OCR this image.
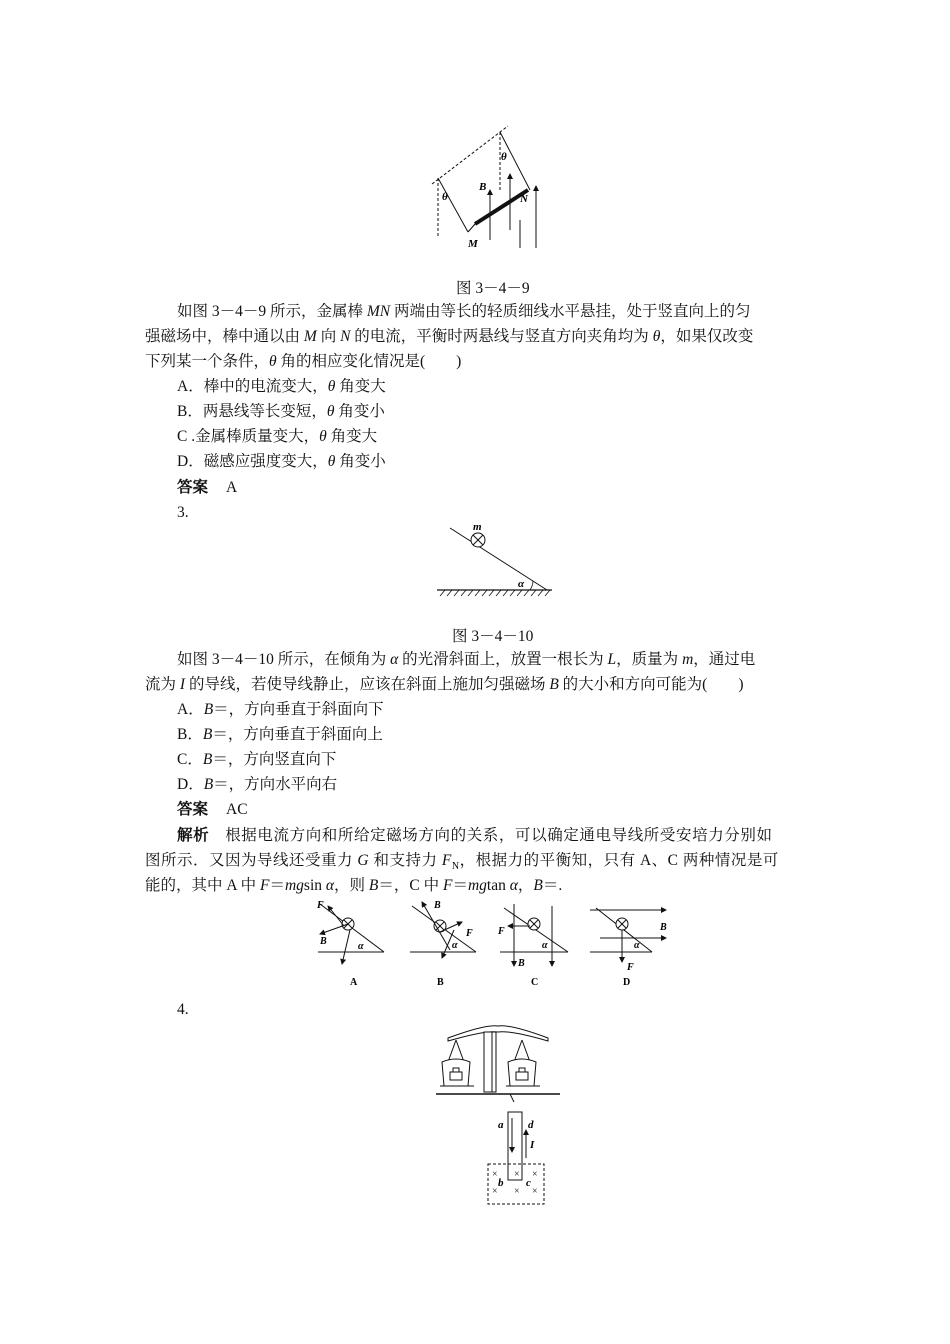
θ
θ
B
M
N
图 3－4－9
如图 3－4－9 所示，金属棒 MN 两端由等长的轻质细线水平悬挂，处于竖直向上的匀
强磁场中，棒中通以由 M 向 N 的电流，平衡时两悬线与竖直方向夹角均为 θ，如果仅改变
下列某一个条件，θ 角的相应变化情况是(　　)
A．棒中的电流变大，θ 角变大
B．两悬线等长变短，θ 角变小
C .金属棒质量变大，θ 角变大
D．磁感应强度变大，θ 角变小
答案 A
3.
m
α
图 3－4－10
如图 3－4－10 所示，在倾角为 α 的光滑斜面上，放置一根长为 L，质量为 m，通过电
流为 I 的导线，若使导线静止，应该在斜面上施加匀强磁场 B 的大小和方向可能为(　　)
A．B＝，方向垂直于斜面向下
B．B＝，方向垂直于斜面向上
C．B＝，方向竖直向下
D．B＝，方向水平向右
答案 AC
解析 根据电流方向和所给定磁场方向的关系，可以确定通电导线所受安培力分别如
图所示．又因为导线还受重力 G 和支持力 $F_N$，根据力的平衡知，只有 A、C 两种情况是可
能的，其中 A 中 F＝mgsin α，则 B＝，C 中 F＝mgtan α，B＝.
F
B	α
A
B
F
α
B
F
B
α
C
B
F
α
D
4.
× × ×
× × ×
a d
I
b c
